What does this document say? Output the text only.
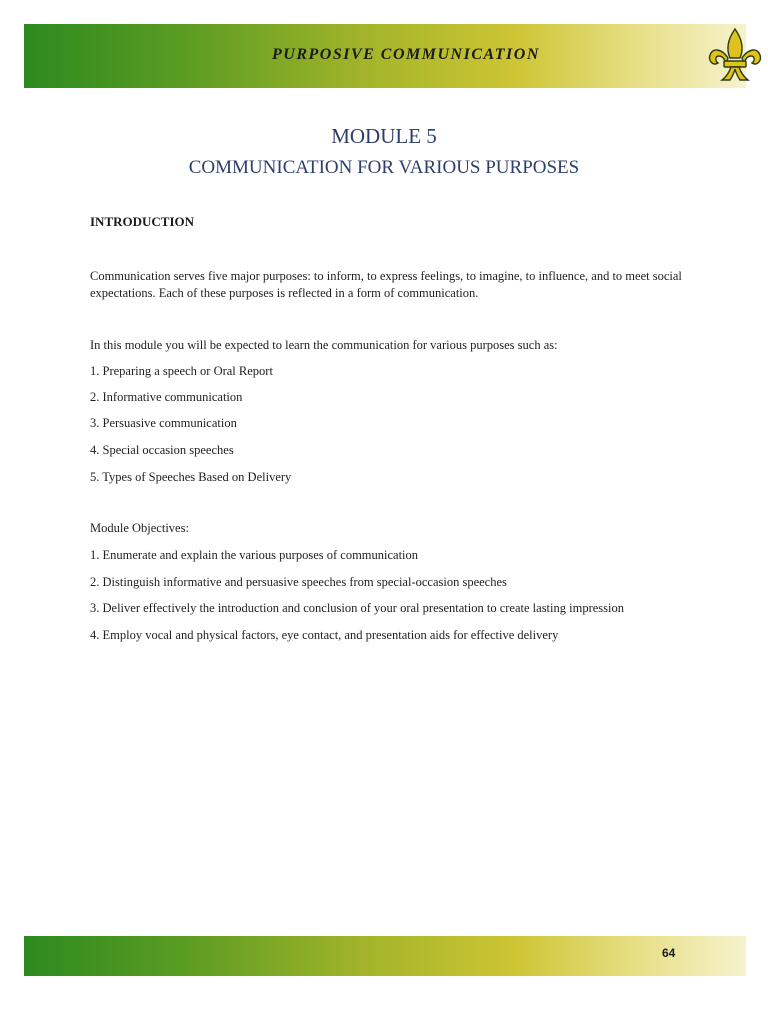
PURPOSIVE COMMUNICATION
MODULE 5
COMMUNICATION FOR VARIOUS PURPOSES
INTRODUCTION
Communication serves five major purposes: to inform, to express feelings, to imagine, to influence, and to meet social expectations. Each of these purposes is reflected in a form of communication.
In this module you will be expected to learn the communication for various purposes such as:
1. Preparing a speech or Oral Report
2. Informative communication
3. Persuasive communication
4. Special occasion speeches
5. Types of Speeches Based on Delivery
Module Objectives:
1. Enumerate and explain the various purposes of communication
2. Distinguish informative and persuasive speeches from special-occasion speeches
3. Deliver effectively the introduction and conclusion of your oral presentation to create lasting impression
4. Employ vocal and physical factors, eye contact, and presentation aids for effective delivery
64
